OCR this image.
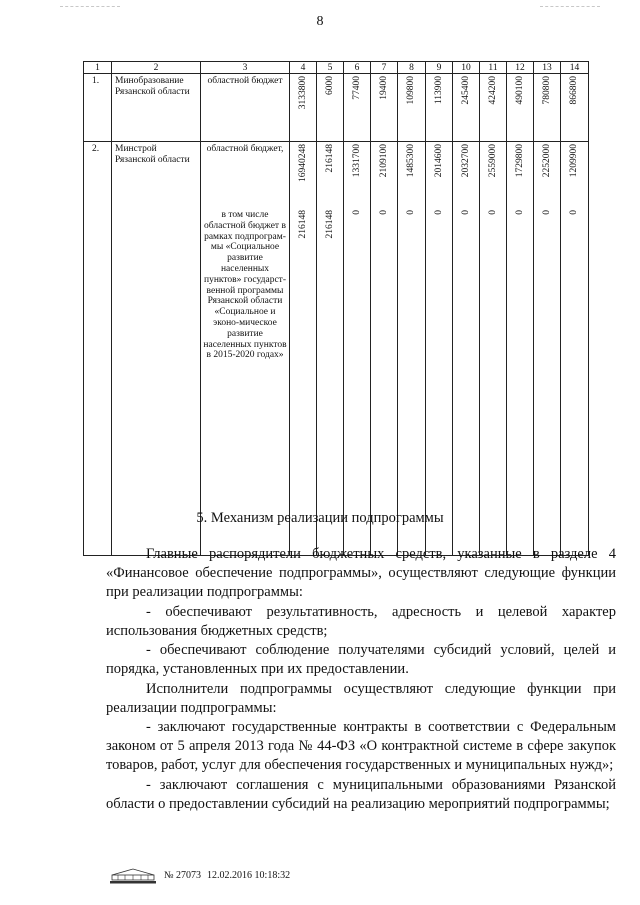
8
1	2	3	4	5	6	7	8	9	10	11	12	13	14
1.	Минобразование Рязанской области	областной бюджет	3133800	6000	77400	19400	109800	113900	245400	424200	490100	780800	866800

2.	Минстрой Рязанской области	областной бюджет,	16940248	216148	1331700	2109100	1485300	2014600	2032700	2559000	1729800	2252000	1209900

		в том числе областной бюджет в рамках подпрограм-мы «Социальное развитие населенных пунктов» государст-венной программы Рязанской области «Социальное и эконо-мическое развитие населенных пунктов в 2015-2020 годах»	216148	216148	0	0	0	0	0	0	0	0	0
5. Механизм реализации подпрограммы
Главные распорядители бюджетных средств, указанные в разделе 4 «Финансовое обеспечение подпрограммы», осуществляют следующие функции при реализации подпрограммы:
- обеспечивают результативность, адресность и целевой характер использования бюджетных средств;
- обеспечивают соблюдение получателями субсидий условий, целей и порядка, установленных при их предоставлении.
Исполнители подпрограммы осуществляют следующие функции при реализации подпрограммы:
- заключают государственные контракты в соответствии с Федеральным законом от 5 апреля 2013 года № 44-ФЗ «О контрактной системе в сфере закупок товаров, работ, услуг для обеспечения государственных и муниципальных нужд»;
- заключают соглашения с муниципальными образованиями Рязанской области о предоставлении субсидий на реализацию мероприятий подпрограммы;
№ 27073 12.02.2016 10:18:32
